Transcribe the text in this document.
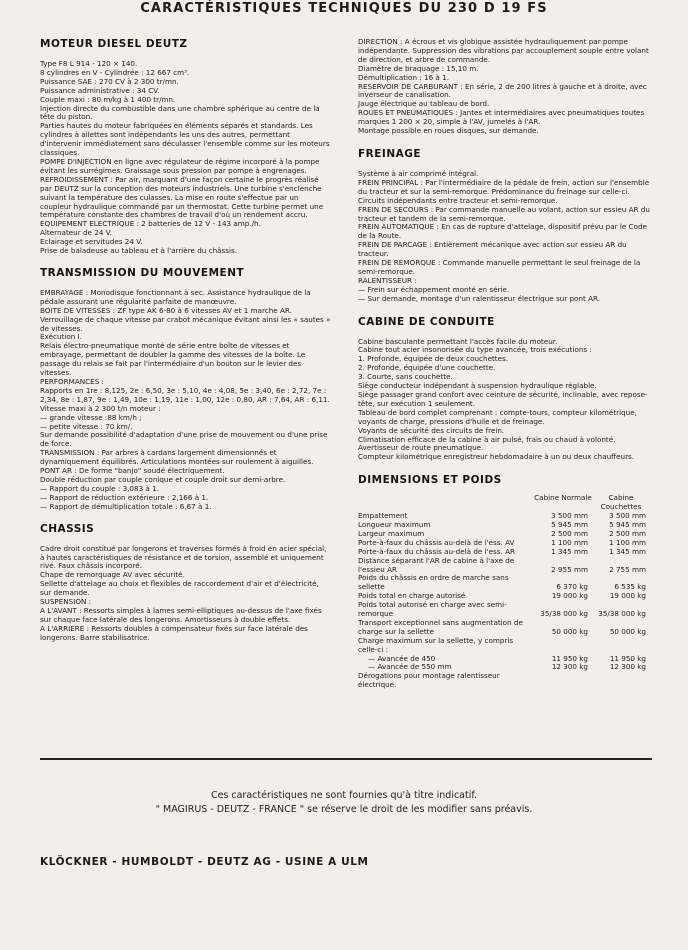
CARACTÉRISTIQUES TECHNIQUES DU 230 D 19 FS
MOTEUR DIESEL DEUTZ

Type F8 L 914 - 120 × 140.

8 cylindres en V - Cylindrée : 12 667 cm³.

Puissance SAE : 270 CV à 2 300 tr/mn.

Puissance administrative : 34 CV.

Couple maxi : 80 m/kg à 1 400 tr/mn.

Injection directe du combustible dans une chambre sphérique au centre de la tête du piston.

Parties hautes du moteur fabriquées en éléments séparés et standards. Les cylindres à ailettes sont indépendants les uns des autres, permettant d'intervenir immédiatement sans déculasser l'ensemble comme sur les moteurs classiques.

POMPE D'INJECTION en ligne avec régulateur de régime incorporé à la pompe évitant les surrégimes. Graissage sous pression par pompe à engrenages.

REFROIDISSEMENT : Par air, marquant d'une façon certaine le progrès réalisé par DEUTZ sur la conception des moteurs industriels. Une turbine s'enclenche suivant la température des culasses. La mise en route s'effectue par un coupleur hydraulique commandé par un thermostat. Cette turbine permet une température constante des chambres de travail d'où un rendement accru.

EQUIPEMENT ELECTRIQUE : 2 batteries de 12 V - 143 amp./h.

Alternateur de 24 V.

Eclairage et servitudes 24 V.

Prise de baladeuse au tableau et à l'arrière du châssis.

TRANSMISSION DU MOUVEMENT

EMBRAYAGE : Monodisque fonctionnant à sec. Assistance hydraulique de la pédale assurant une régularité parfaite de manœuvre.

BOITE DE VITESSES : ZF type AK 6-80 à 6 vitesses AV et 1 marche AR. Verrouillage de chaque vitesse par crabot mécanique évitant ainsi les « sautes » de vitesses.

Exécution I.

Relais électro-pneumatique monté de série entre boîte de vitesses et embrayage, permettant de doubler la gamme des vitesses de la boîte. Le passage du relais se fait par l'intermédiaire d'un bouton sur le levier des vitesses.

PERFORMANCES :

Rapports en 1re : 8,125, 2e : 6,50, 3e : 5,10, 4e : 4,08, 5e : 3,40, 6e : 2,72, 7e : 2,34, 8e : 1,87, 9e : 1,49, 10e : 1,19, 11e : 1,00, 12e : 0,80, AR : 7,64, AR : 6,11.

Vitesse maxi à 2 300 t/n moteur :

— grande vitesse :88 km/h ;

— petite vitesse : 70 km/.

Sur demande possibilité d'adaptation d'une prise de mouvement ou d'une prise de force.

TRANSMISSION : Par arbres à cardans largement dimensionnés et dynamiquement équilibrés. Articulations montées sur roulement à aiguilles.

PONT AR : De forme "banjo" soudé électriquement.

Double réduction par couple conique et couple droit sur demi-arbre.

— Rapport du couple : 3,083 à 1.

— Rapport de réduction extérieure : 2,166 à 1.

— Rapport de démultiplication totale : 6,67 à 1.

CHASSIS

Cadre droit constitué par longerons et traverses formés à froid en acier spécial, à hautes caractéristiques de résistance et de torsion, assemblé et uniquement rivé. Faux châssis incorporé.

Chape de remorquage AV avec sécurité.

Sellette d'attelage au choix et flexibles de raccordement d'air et d'électricité, sur demande.

SUSPENSION :

A L'AVANT : Ressorts simples à lames semi-elliptiques au-dessus de l'axe fixés sur chaque face latérale des longerons. Amortisseurs à double effets.

A L'ARRIERE : Ressorts doubles à compensateur fixés sur face latérale des longerons. Barre stabilisatrice.

DIRECTION : A écrous et vis globique assistée hydrauliquement par pompe indépendante. Suppression des vibrations par accouplement souple entre volant de direction, et arbre de commande.

Diamètre de braquage : 15,10 m.

Démultiplication : 16 à 1.

RESERVOIR DE CARBURANT : En série, 2 de 200 litres à gauche et à droite, avec inverseur de canalisation.

Jauge électrique au tableau de bord.

ROUES ET PNEUMATIQUES : Jantes et intermédiaires avec pneumatiques toutes marques 1 200 × 20, simple à l'AV, jumelés à l'AR.

Montage possible en roues disques, sur demande.

FREINAGE

Système à air comprimé intégral.

FREIN PRINCIPAL : Par l'intermédiaire de la pédale de frein, action sur l'ensemble du tracteur et sur la semi-remorque. Prédominance du freinage sur celle-ci. Circuits indépendants entre tracteur et semi-remorque.

FREIN DE SECOURS : Par commande manuelle au volant, action sur essieu AR du tracteur et tandem de la semi-remorque.

FREIN AUTOMATIQUE : En cas de rupture d'attelage, dispositif prévu par le Code de la Route.

FREIN DE PARCAGE : Entièrement mécanique avec action sur essieu AR du tracteur.

FREIN DE REMORQUE : Commande manuelle permettant le seul freinage de la semi-remorque.

RALENTISSEUR :

— Frein sur échappement monté en série.

— Sur demande, montage d'un ralentisseur électrique sur pont AR.

CABINE DE CONDUITE

Cabine basculante permettant l'accès facile du moteur.

Cabine tout acier insonorisée du type avancée, trois exécutions :

1. Profonde, équipée de deux couchettes.

2. Profonde, équipée d'une couchette.

3. Courte, sans couchette.

Siège conducteur indépendant à suspension hydraulique réglable.

Siège passager grand confort avec ceinture de sécurité, inclinable, avec repose-tête, sur exécution 1 seulement.

Tableau de bord complet comprenant : compte-tours, compteur kilométrique, voyants de charge, pressions d'huile et de freinage.

Voyants de sécurité des circuits de frein.

Climatisation efficace de la cabine à air pulsé, frais ou chaud à volonté.

Avertisseur de route pneumatique.

Compteur kilométrique enregistreur hebdomadaire à un ou deux chauffeurs.

DIMENSIONS ET POIDS
Cabine Normale	Cabine Couchettes
Empattement	3 500 mm	3 500 mm
Longueur maximum	5 945 mm	5 945 mm
Largeur maximum	2 500 mm	2 500 mm
Porte-à-faux du châssis au-delà de l'ess. AV	1 100 mm	1 100 mm
Porte-à-faux du châssis au-delà de l'ess. AR	1 345 mm	1 345 mm
Distance séparant l'AR de cabine à l'axe de l'essieu AR	2 955 mm	2 755 mm
Poids du châssis en ordre de marche sans sellette	6 370 kg	6 535 kg
Poids total en charge autorisé	19 000 kg	19 000 kg
Poids total autorisé en charge avec semi-remorque	35/38 000 kg	35/38 000 kg
Transport exceptionnel sans augmentation de charge sur la sellette	50 000 kg	50 000 kg
Charge maximum sur la sellette, y compris celle-ci :
— Avancée de 450	11 950 kg	11 950 kg
— Avancée de 550 mm	12 300 kg	12 300 kg
Dérogations pour montage ralentisseur électrique.
Ces caractéristiques ne sont fournies qu'à titre indicatif.
" MAGIRUS - DEUTZ - FRANCE " se réserve le droit de les modifier sans préavis.
KLÖCKNER - HUMBOLDT - DEUTZ AG - USINE A ULM
